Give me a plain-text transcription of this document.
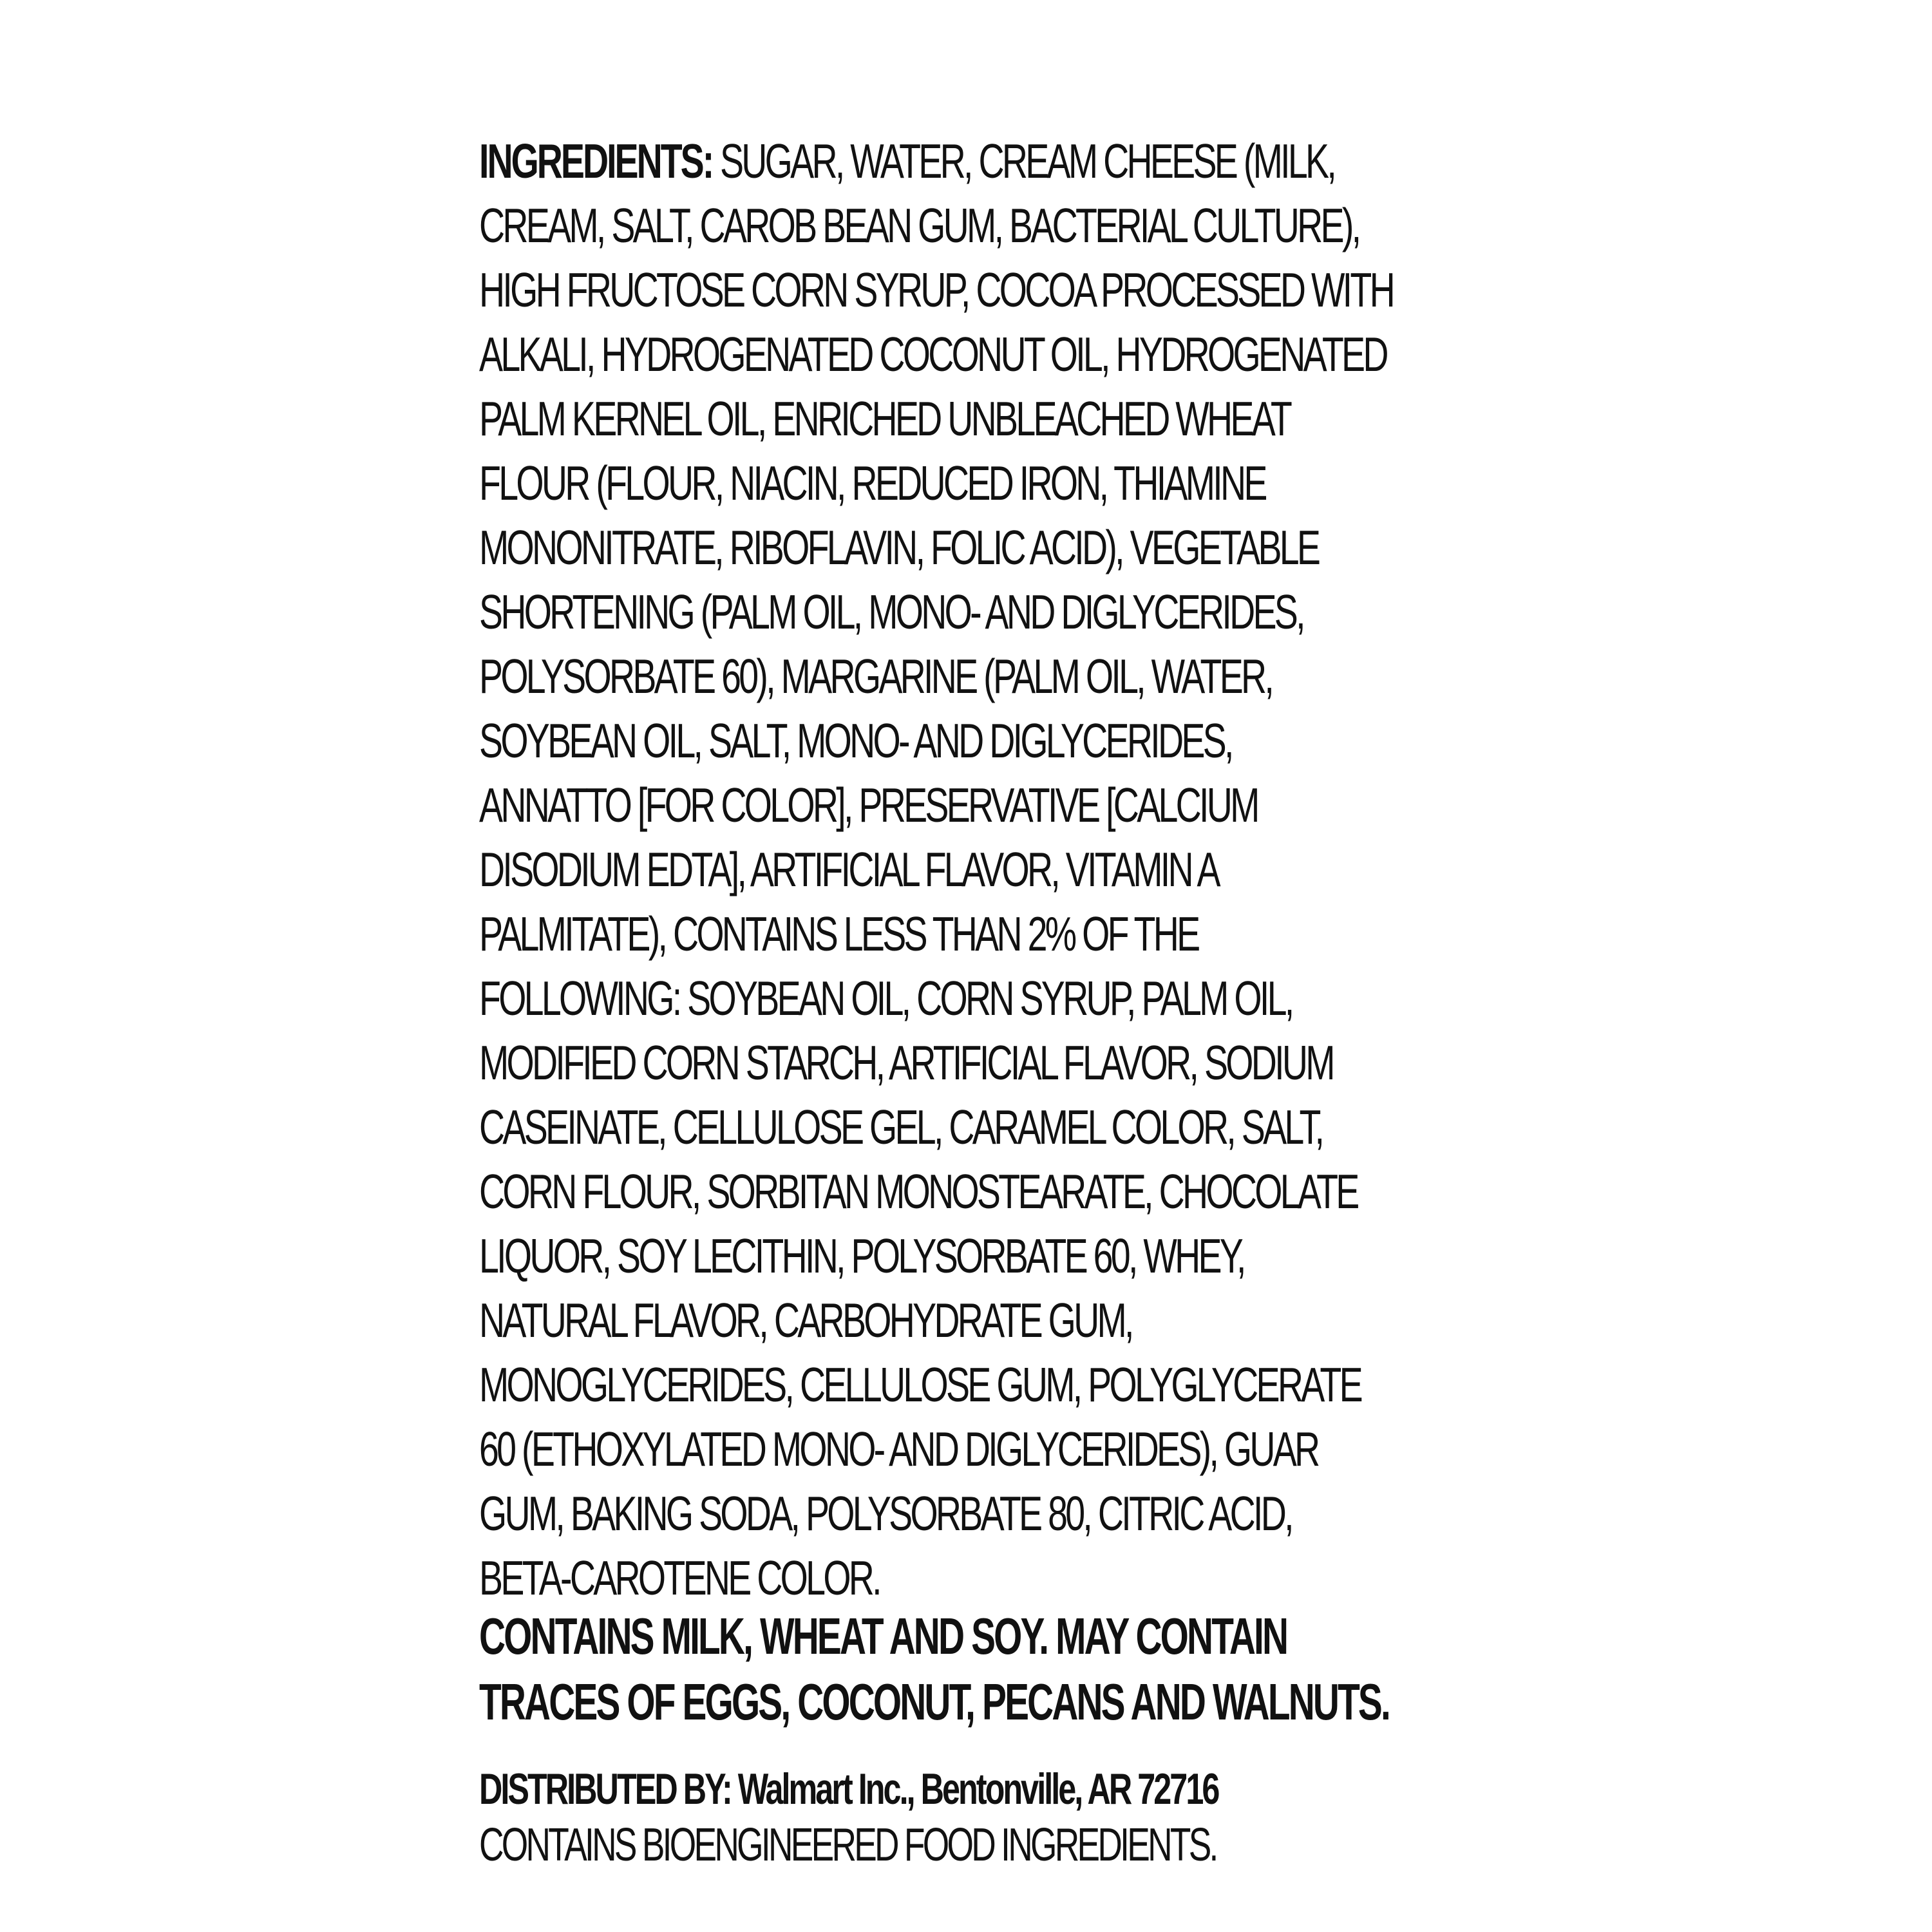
INGREDIENTS: SUGAR, WATER, CREAM CHEESE (MILK,
CREAM, SALT, CAROB BEAN GUM, BACTERIAL CULTURE),
HIGH FRUCTOSE CORN SYRUP, COCOA PROCESSED WITH
ALKALI, HYDROGENATED COCONUT OIL, HYDROGENATED
PALM KERNEL OIL, ENRICHED UNBLEACHED WHEAT
FLOUR (FLOUR, NIACIN, REDUCED IRON, THIAMINE
MONONITRATE, RIBOFLAVIN, FOLIC ACID), VEGETABLE
SHORTENING (PALM OIL, MONO- AND DIGLYCERIDES,
POLYSORBATE 60), MARGARINE (PALM OIL, WATER,
SOYBEAN OIL, SALT, MONO- AND DIGLYCERIDES,
ANNATTO [FOR COLOR], PRESERVATIVE [CALCIUM
DISODIUM EDTA], ARTIFICIAL FLAVOR, VITAMIN A
PALMITATE), CONTAINS LESS THAN 2% OF THE
FOLLOWING: SOYBEAN OIL, CORN SYRUP, PALM OIL,
MODIFIED CORN STARCH, ARTIFICIAL FLAVOR, SODIUM
CASEINATE, CELLULOSE GEL, CARAMEL COLOR, SALT,
CORN FLOUR, SORBITAN MONOSTEARATE, CHOCOLATE
LIQUOR, SOY LECITHIN, POLYSORBATE 60, WHEY,
NATURAL FLAVOR, CARBOHYDRATE GUM,
MONOGLYCERIDES, CELLULOSE GUM, POLYGLYCERATE
60 (ETHOXYLATED MONO- AND DIGLYCERIDES), GUAR
GUM, BAKING SODA, POLYSORBATE 80, CITRIC ACID,
BETA-CAROTENE COLOR.
CONTAINS MILK, WHEAT AND SOY. MAY CONTAIN
TRACES OF EGGS, COCONUT, PECANS AND WALNUTS.
DISTRIBUTED BY: Walmart Inc., Bentonville, AR 72716
CONTAINS BIOENGINEERED FOOD INGREDIENTS.
